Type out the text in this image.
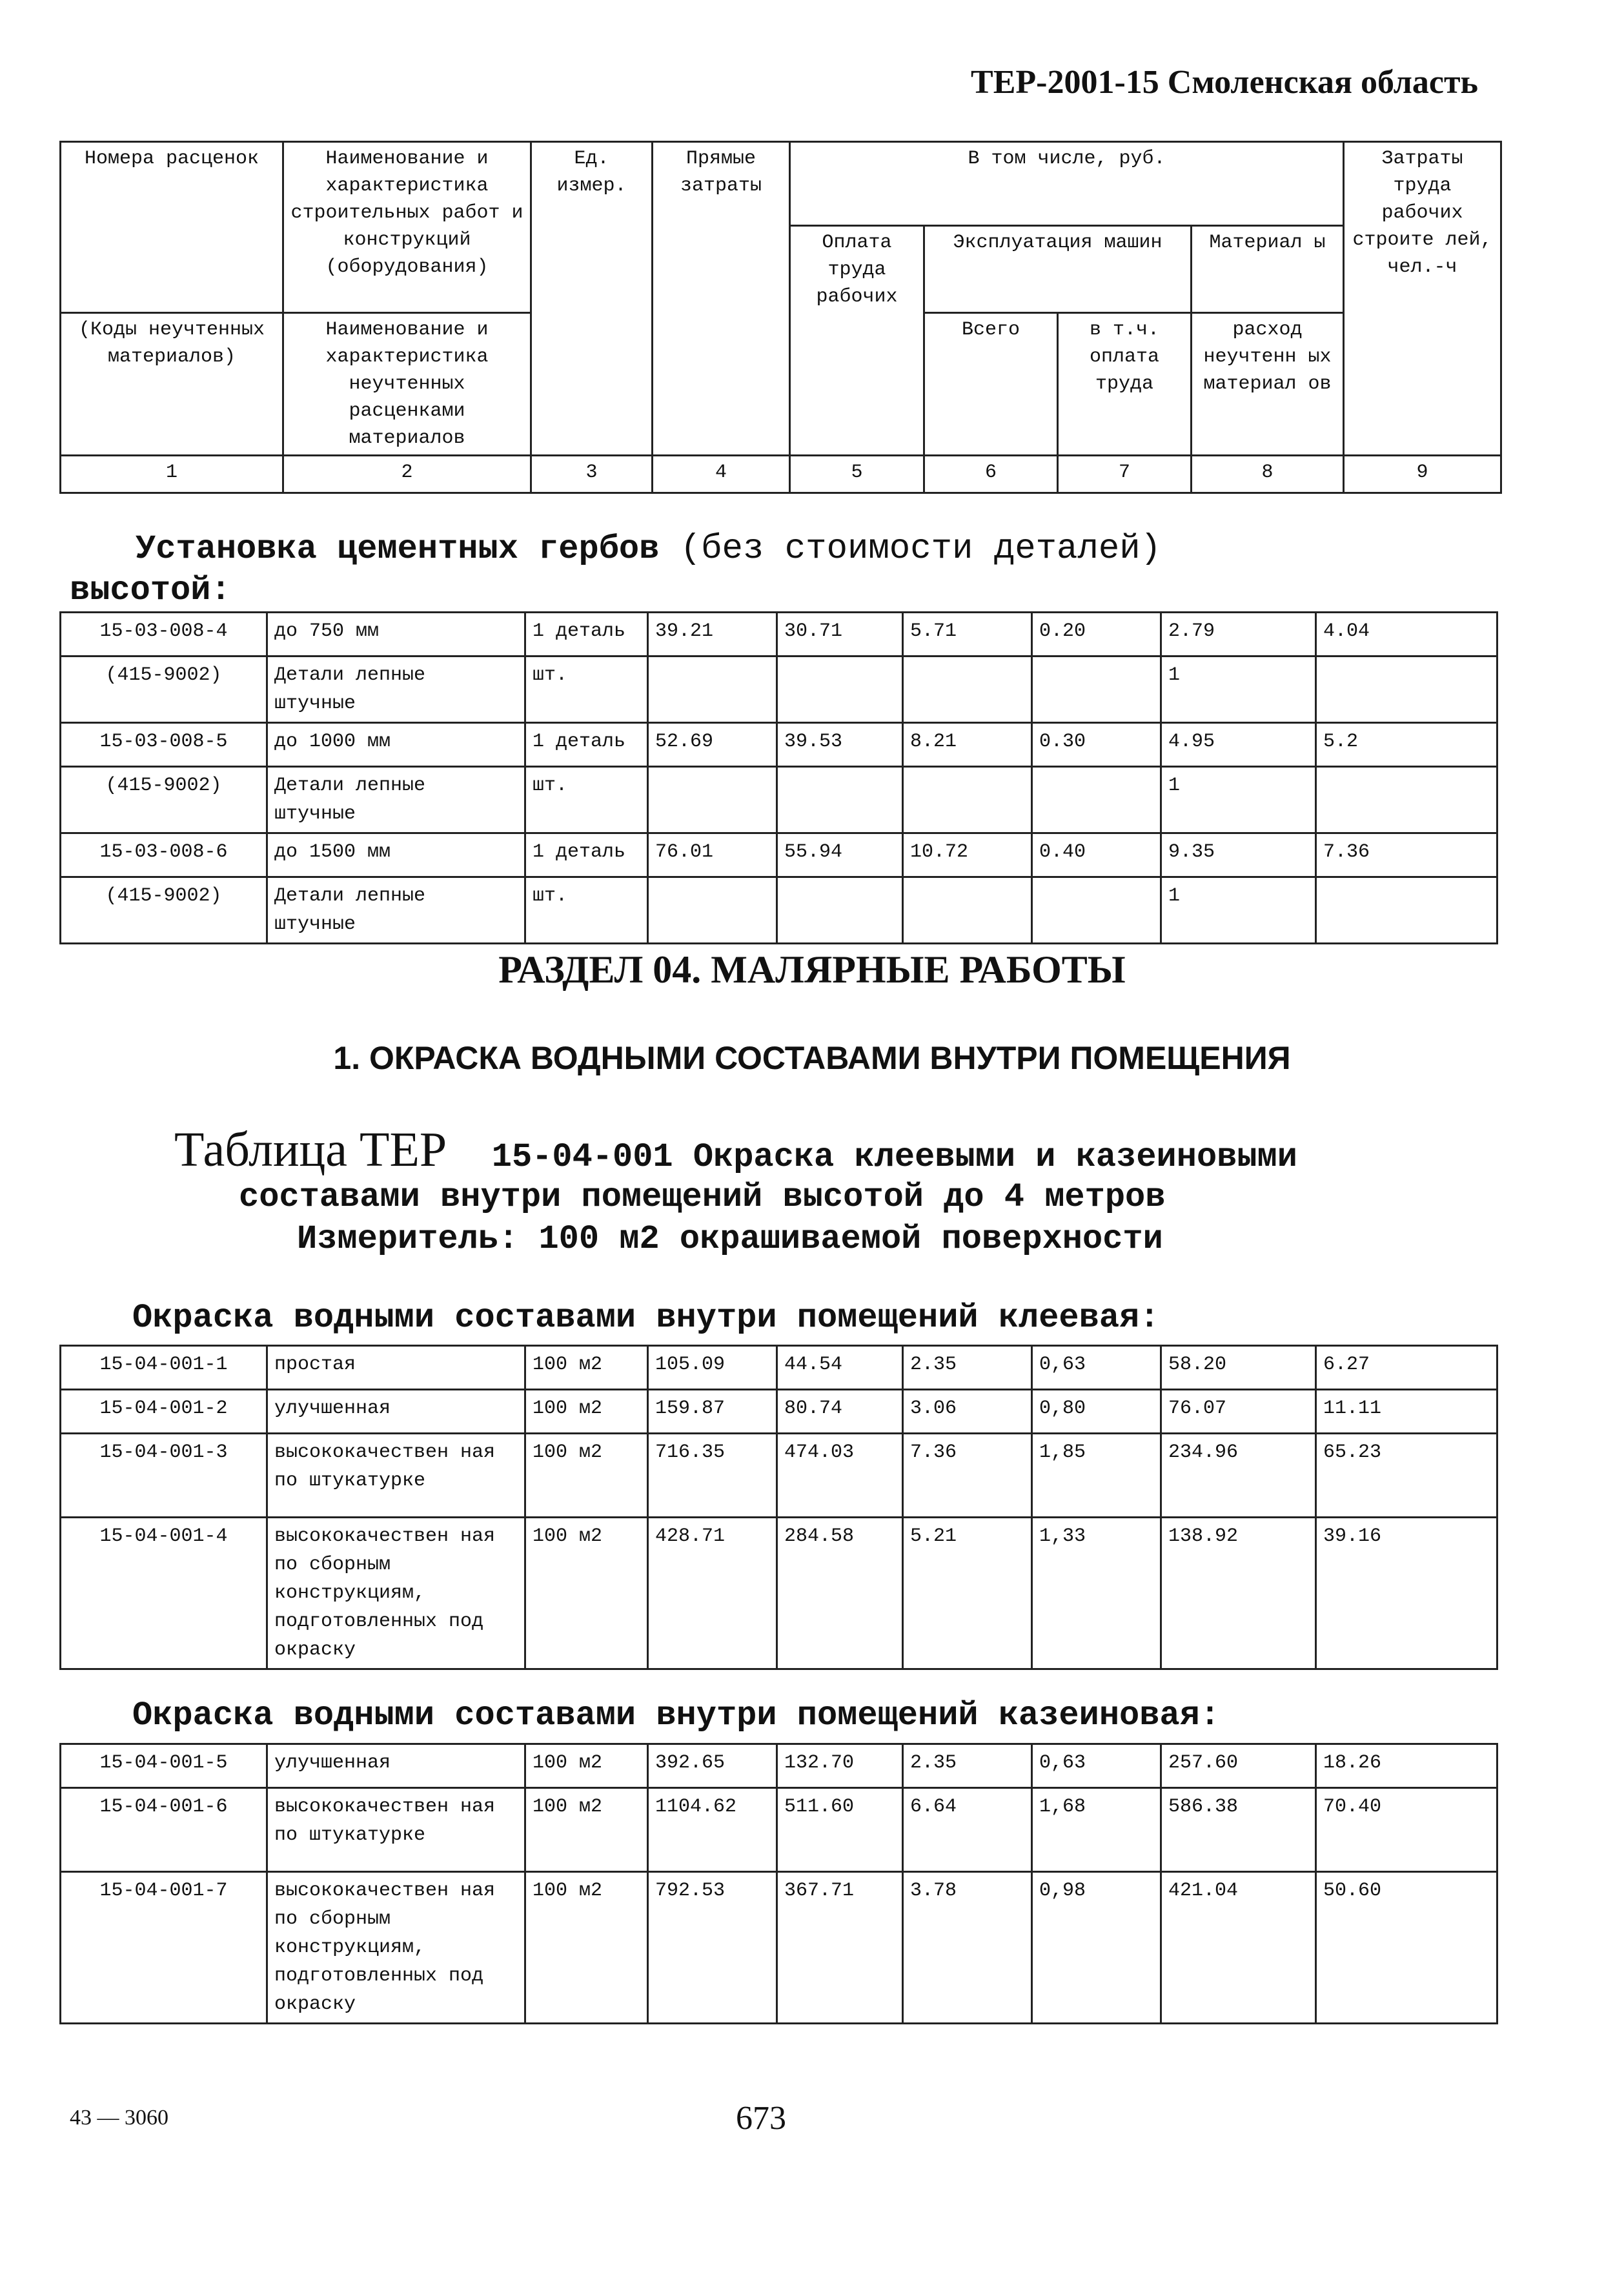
ТЕР-2001-15 Смоленская область
Номера расценок	Наименование и характеристика строительных работ и конструкций (оборудования)	Ед. измер.	Прямые затраты	В том числе, руб.				Затраты труда рабочих строите лей, чел.-ч
				Оплата труда рабочих	Эксплуатация машин		Материал ы	
(Коды неучтенных материалов)	Наименование и характеристика неучтенных расценками материалов				Всего	в т.ч. оплата труда	расход неучтенн ых материал ов	
1	2	3	4	5	6	7	8	9
Установка цементных гербов (без стоимости деталей)
высотой:
15-03-008-4	до 750 мм	1 деталь	39.21	30.71	5.71	0.20	2.79	4.04
(415-9002)	Детали лепные штучные	шт.					1	
15-03-008-5	до 1000 мм	1 деталь	52.69	39.53	8.21	0.30	4.95	5.2
(415-9002)	Детали лепные штучные	шт.					1	
15-03-008-6	до 1500 мм	1 деталь	76.01	55.94	10.72	0.40	9.35	7.36
(415-9002)	Детали лепные штучные	шт.					1	
РАЗДЕЛ 04. МАЛЯРНЫЕ РАБОТЫ
1. ОКРАСКА ВОДНЫМИ СОСТАВАМИ ВНУТРИ ПОМЕЩЕНИЯ
Таблица ТЕР 15-04-001 Окраска клеевыми и казеиновыми
составами внутри помещений высотой до 4 метров
Измеритель: 100 м2 окрашиваемой поверхности
Окраска водными составами внутри помещений клеевая:
15-04-001-1	простая	100 м2	105.09	44.54	2.35	0,63	58.20	6.27
15-04-001-2	улучшенная	100 м2	159.87	80.74	3.06	0,80	76.07	11.11
15-04-001-3	высококачествен ная по штукатурке	100 м2	716.35	474.03	7.36	1,85	234.96	65.23
15-04-001-4	высококачествен ная по сборным конструкциям, подготовленных под окраску	100 м2	428.71	284.58	5.21	1,33	138.92	39.16
Окраска водными составами внутри помещений казеиновая:
15-04-001-5	улучшенная	100 м2	392.65	132.70	2.35	0,63	257.60	18.26
15-04-001-6	высококачествен ная по штукатурке	100 м2	1104.62	511.60	6.64	1,68	586.38	70.40
15-04-001-7	высококачествен ная по сборным конструкциям, подготовленных под окраску	100 м2	792.53	367.71	3.78	0,98	421.04	50.60
43 — 3060	673
